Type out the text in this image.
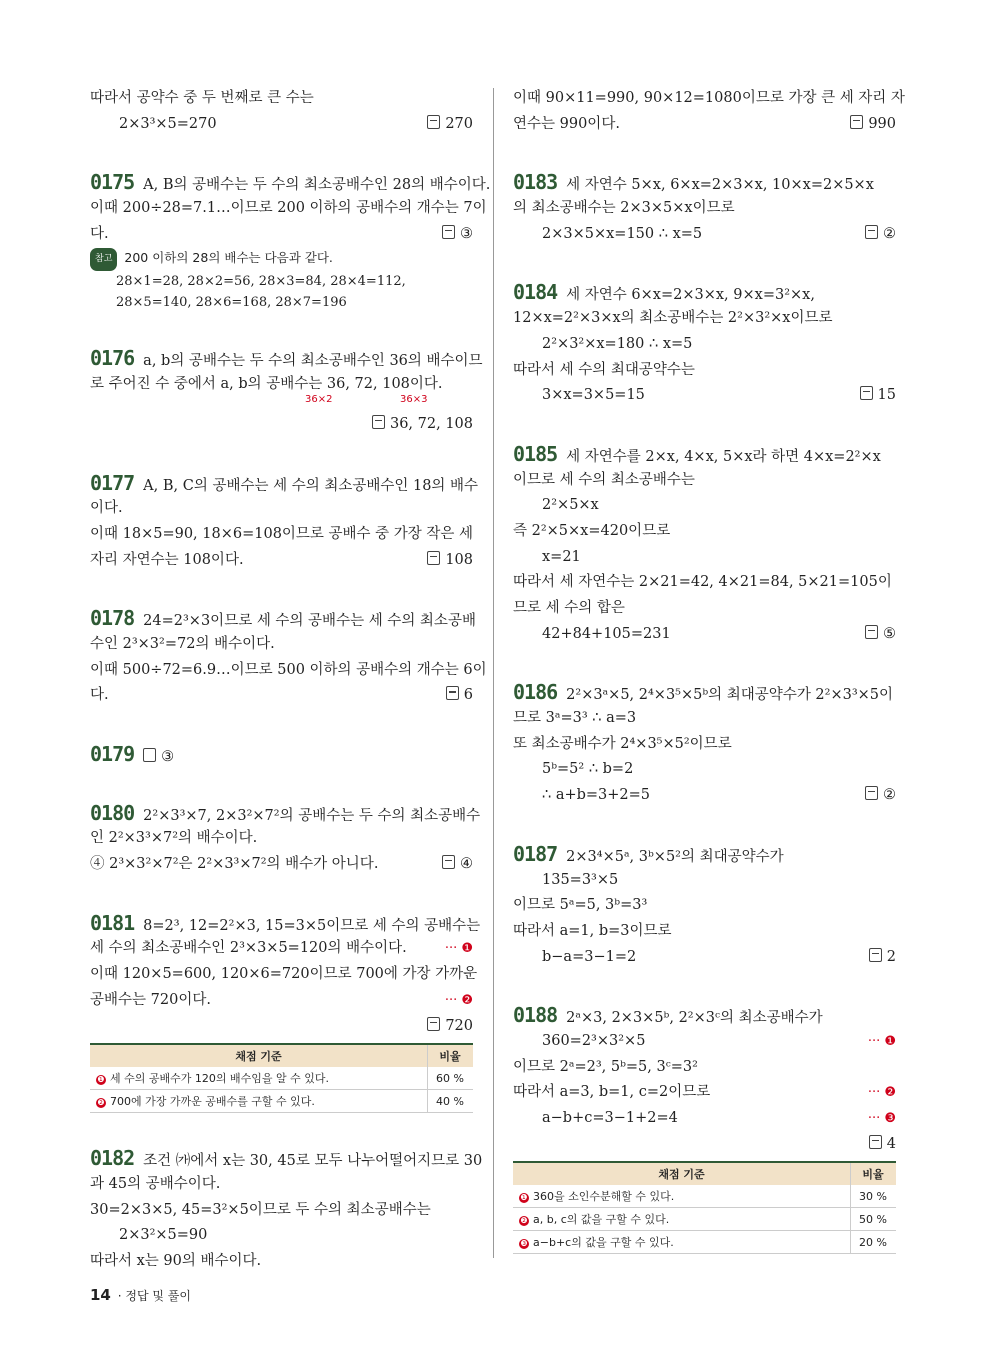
따라서 공약수 중 두 번째로 큰 수는
2×3³×5=270	270
0175 A, B의 공배수는 두 수의 최소공배수인 28의 배수이다.
이때 200÷28=7.1…이므로 200 이하의 공배수의 개수는 7이
다.	③
참고 200 이하의 28의 배수는 다음과 같다.
28×1=28, 28×2=56, 28×3=84, 28×4=112,
28×5=140, 28×6=168, 28×7=196
0176 a, b의 공배수는 두 수의 최소공배수인 36의 배수이므
로 주어진 수 중에서 a, b의 공배수는 36, 72, 108이다.
36×2	36×3
36, 72, 108
0177 A, B, C의 공배수는 세 수의 최소공배수인 18의 배수
이다.
이때 18×5=90, 18×6=108이므로 공배수 중 가장 작은 세
자리 자연수는 108이다.	108
0178 24=2³×3이므로 세 수의 공배수는 세 수의 최소공배
수인 2³×3²=72의 배수이다.
이때 500÷72=6.9…이므로 500 이하의 공배수의 개수는 6이
다.	6
0179 ③
0180 2²×3³×7, 2×3²×7²의 공배수는 두 수의 최소공배수
인 2²×3³×7²의 배수이다.
④ 2³×3²×7²은 2²×3³×7²의 배수가 아니다.	④
0181 8=2³, 12=2²×3, 15=3×5이므로 세 수의 공배수는
세 수의 최소공배수인 2³×3×5=120의 배수이다.	··· ❶
이때 120×5=600, 120×6=720이므로 700에 가장 가까운
공배수는 720이다.	··· ❷
720
채점 기준	비율
❶ 세 수의 공배수가 120의 배수임을 알 수 있다.	60 %
❷ 700에 가장 가까운 공배수를 구할 수 있다.	40 %
0182 조건 ㈎에서 x는 30, 45로 모두 나누어떨어지므로 30
과 45의 공배수이다.
30=2×3×5, 45=3²×5이므로 두 수의 최소공배수는
2×3²×5=90
따라서 x는 90의 배수이다.
이때 90×11=990, 90×12=1080이므로 가장 큰 세 자리 자
연수는 990이다.	990
0183 세 자연수 5×x, 6×x=2×3×x, 10×x=2×5×x
의 최소공배수는 2×3×5×x이므로
2×3×5×x=150 ∴ x=5	②
0184 세 자연수 6×x=2×3×x, 9×x=3²×x,
12×x=2²×3×x의 최소공배수는 2²×3²×x이므로
2²×3²×x=180 ∴ x=5
따라서 세 수의 최대공약수는
3×x=3×5=15	15
0185 세 자연수를 2×x, 4×x, 5×x라 하면 4×x=2²×x
이므로 세 수의 최소공배수는
2²×5×x
즉 2²×5×x=420이므로
x=21
따라서 세 자연수는 2×21=42, 4×21=84, 5×21=105이
므로 세 수의 합은
42+84+105=231	⑤
0186 2²×3ᵃ×5, 2⁴×3⁵×5ᵇ의 최대공약수가 2²×3³×5이
므로 3ᵃ=3³ ∴ a=3
또 최소공배수가 2⁴×3⁵×5²이므로
5ᵇ=5² ∴ b=2
∴ a+b=3+2=5	②
0187 2×3⁴×5ᵃ, 3ᵇ×5²의 최대공약수가
135=3³×5
이므로 5ᵃ=5, 3ᵇ=3³
따라서 a=1, b=3이므로
b−a=3−1=2	2
0188 2ᵃ×3, 2×3×5ᵇ, 2²×3ᶜ의 최소공배수가
360=2³×3²×5	··· ❶
이므로 2ᵃ=2³, 5ᵇ=5, 3ᶜ=3²
따라서 a=3, b=1, c=2이므로	··· ❷
a−b+c=3−1+2=4	··· ❸
4
채점 기준	비율
❶ 360을 소인수분해할 수 있다.	30 %
❷ a, b, c의 값을 구할 수 있다.	50 %
❸ a−b+c의 값을 구할 수 있다.	20 %
14 · 정답 및 풀이
